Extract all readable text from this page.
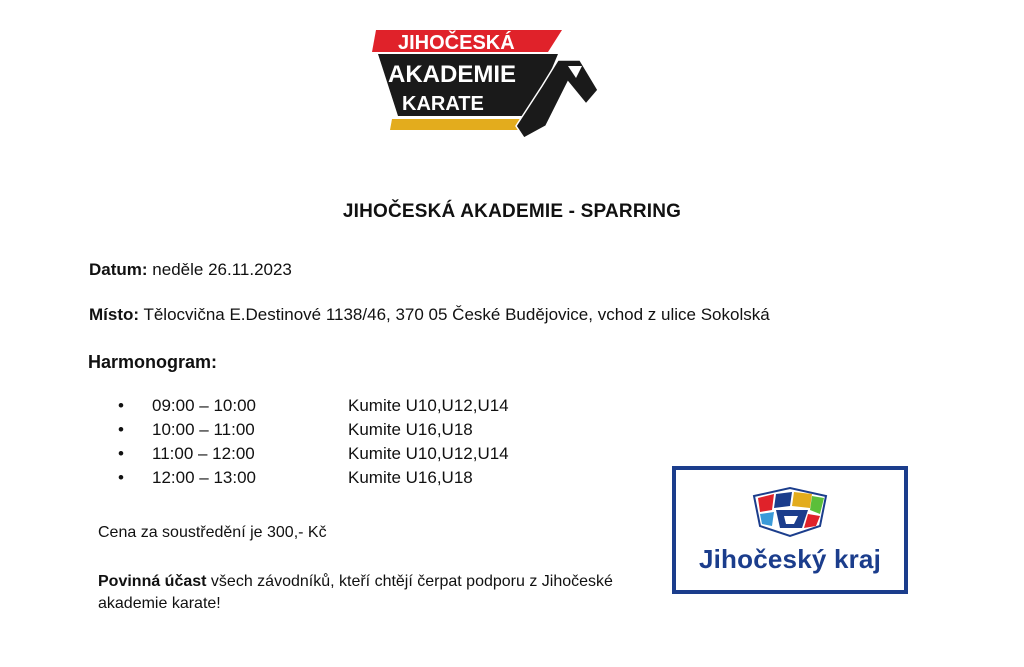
JIHOČESKÁ
AKADEMIE
KARATE
JIHOČESKÁ AKADEMIE - SPARRING
Datum: neděle 26.11.2023
Místo: Tělocvična E.Destinové 1138/46, 370 05 České Budějovice, vchod z ulice Sokolská
Harmonogram:
•	09:00 – 10:00	Kumite U10,U12,U14
•	10:00 – 11:00	Kumite U16,U18
•	11:00 – 12:00	Kumite U10,U12,U14
•	12:00 – 13:00	Kumite U16,U18
Cena za soustředění je 300,- Kč
Povinná účast všech závodníků, kteří chtějí čerpat podporu z Jihočeské akademie karate!
Jihočeský kraj
